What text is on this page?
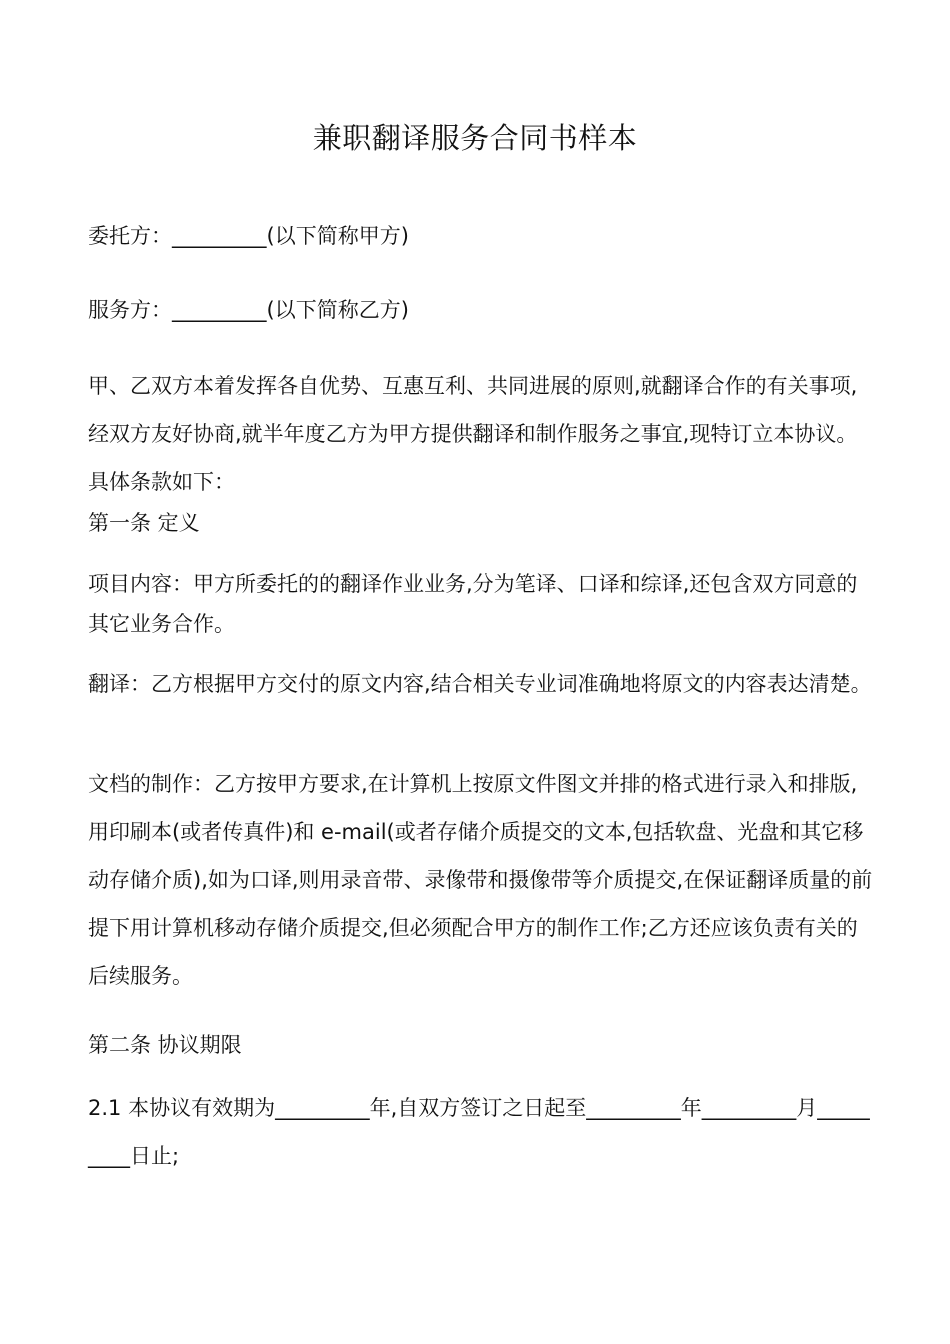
兼职翻译服务合同书样本

委托方：_________(以下简称甲方)

服务方：_________(以下简称乙方)

甲、乙双方本着发挥各自优势、互惠互利、共同进展的原则,就翻译合作的有关事项,经双方友好协商,就半年度乙方为甲方提供翻译和制作服务之事宜,现特订立本协议。具体条款如下：

第一条 定义

项目内容：甲方所委托的的翻译作业业务,分为笔译、口译和综译,还包含双方同意的其它业务合作。

翻译：乙方根据甲方交付的原文内容,结合相关专业词准确地将原文的内容表达清楚。

文档的制作：乙方按甲方要求,在计算机上按原文件图文并排的格式进行录入和排版,用印刷本(或者传真件)和 e-mail(或者存储介质提交的文本,包括软盘、光盘和其它移动存储介质),如为口译,则用录音带、录像带和摄像带等介质提交,在保证翻译质量的前提下用计算机移动存储介质提交,但必须配合甲方的制作工作;乙方还应该负责有关的后续服务。

第二条 协议期限

2.1 本协议有效期为_________年,自双方签订之日起至_________年_________月_________日止;
